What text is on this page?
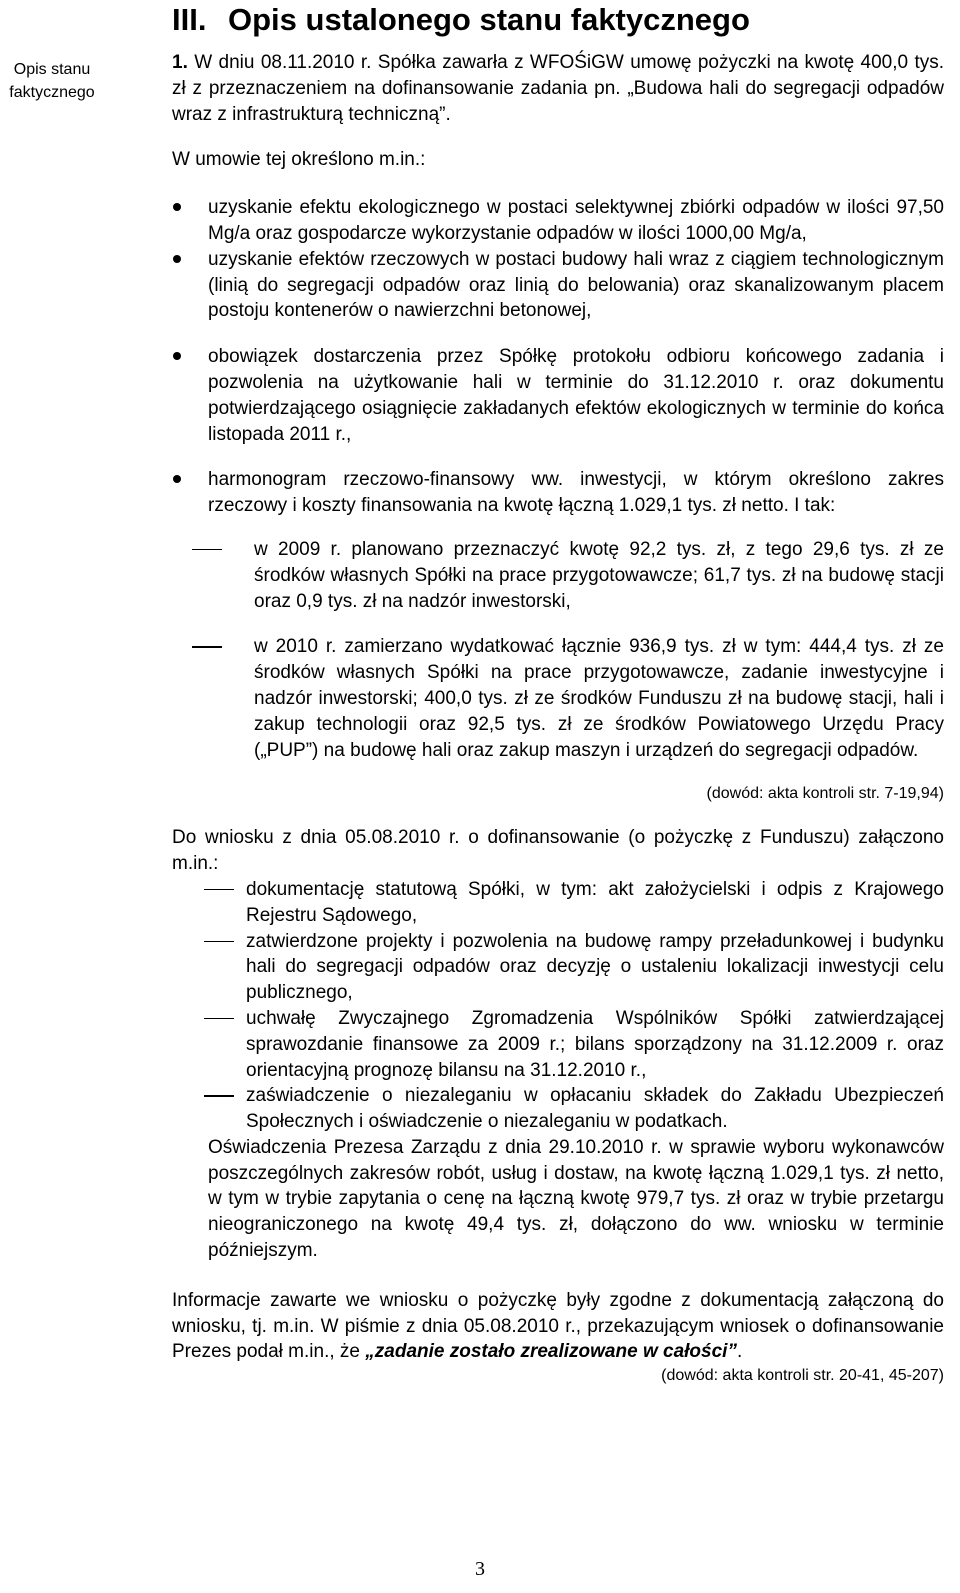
Opis stanu faktycznego
III. Opis ustalonego stanu faktycznego

1. W dniu 08.11.2010 r. Spółka zawarła z WFOŚiGW umowę pożyczki na kwotę 400,0 tys. zł z przeznaczeniem na dofinansowanie zadania pn. „Budowa hali do segregacji odpadów wraz z infrastrukturą techniczną”.

W umowie tej określono m.in.:

uzyskanie efektu ekologicznego w postaci selektywnej zbiórki odpadów w ilości 97,50 Mg/a oraz gospodarcze wykorzystanie odpadów w ilości 1000,00 Mg/a,
uzyskanie efektów rzeczowych w postaci budowy hali wraz z ciągiem technologicznym (linią do segregacji odpadów oraz linią do belowania) oraz skanalizowanym placem postoju kontenerów o nawierzchni betonowej,
obowiązek dostarczenia przez Spółkę protokołu odbioru końcowego zadania i pozwolenia na użytkowanie hali w terminie do 31.12.2010 r. oraz dokumentu potwierdzającego osiągnięcie zakładanych efektów ekologicznych w terminie do końca listopada 2011 r.,
harmonogram rzeczowo-finansowy ww. inwestycji, w którym określono zakres rzeczowy i koszty finansowania na kwotę łączną 1.029,1 tys. zł netto. I tak:
w 2009 r. planowano przeznaczyć kwotę 92,2 tys. zł, z tego 29,6 tys. zł ze środków własnych Spółki na prace przygotowawcze; 61,7 tys. zł na budowę stacji oraz 0,9 tys. zł na nadzór inwestorski,
w 2010 r. zamierzano wydatkować łącznie 936,9 tys. zł w tym: 444,4 tys. zł ze środków własnych Spółki na prace przygotowawcze, zadanie inwestycyjne i nadzór inwestorski; 400,0 tys. zł ze środków Funduszu zł na budowę stacji, hali i zakup technologii oraz 92,5 tys. zł ze środków Powiatowego Urzędu Pracy („PUP”) na budowę hali oraz zakup maszyn i urządzeń do segregacji odpadów.

(dowód: akta kontroli str. 7-19,94)

Do wniosku z dnia 05.08.2010 r. o dofinansowanie (o pożyczkę z Funduszu) załączono m.in.:

dokumentację statutową Spółki, w tym: akt założycielski i odpis z Krajowego Rejestru Sądowego,
zatwierdzone projekty i pozwolenia na budowę rampy przeładunkowej i budynku hali do segregacji odpadów oraz decyzję o ustaleniu lokalizacji inwestycji celu publicznego,
uchwałę Zwyczajnego Zgromadzenia Wspólników Spółki zatwierdzającej sprawozdanie finansowe za 2009 r.; bilans sporządzony na 31.12.2009 r. oraz orientacyjną prognozę bilansu na 31.12.2010 r.,
zaświadczenie o niezaleganiu w opłacaniu składek do Zakładu Ubezpieczeń Społecznych i oświadczenie o niezaleganiu w podatkach.

Oświadczenia Prezesa Zarządu z dnia 29.10.2010 r. w sprawie wyboru wykonawców poszczególnych zakresów robót, usług i dostaw, na kwotę łączną 1.029,1 tys. zł netto, w tym w trybie zapytania o cenę na łączną kwotę 979,7 tys. zł oraz w trybie przetargu nieograniczonego na kwotę 49,4 tys. zł, dołączono do ww. wniosku w terminie późniejszym.

Informacje zawarte we wniosku o pożyczkę były zgodne z dokumentacją załączoną do wniosku, tj. m.in. W piśmie z dnia 05.08.2010 r., przekazującym wniosek o dofinansowanie Prezes podał m.in., że „zadanie zostało zrealizowane w całości”.

(dowód: akta kontroli str. 20-41, 45-207)

3
